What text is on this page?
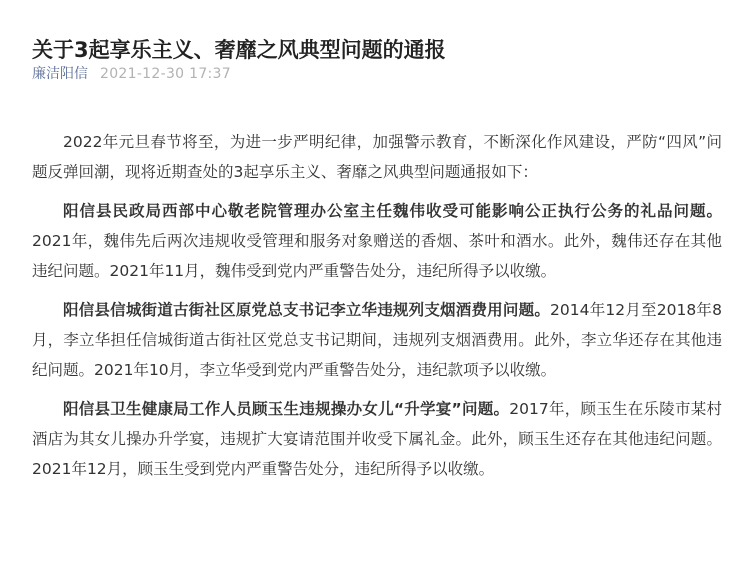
关于3起享乐主义、奢靡之风典型问题的通报
廉洁阳信 2021-12-30 17:37

2022年元旦春节将至，为进一步严明纪律，加强警示教育，不断深化作风建设，严防“四风”问题反弹回潮，现将近期查处的3起享乐主义、奢靡之风典型问题通报如下：

阳信县民政局西部中心敬老院管理办公室主任魏伟收受可能影响公正执行公务的礼品问题。2021年，魏伟先后两次违规收受管理和服务对象赠送的香烟、茶叶和酒水。此外，魏伟还存在其他违纪问题。2021年11月，魏伟受到党内严重警告处分，违纪所得予以收缴。

阳信县信城街道古街社区原党总支书记李立华违规列支烟酒费用问题。2014年12月至2018年8月，李立华担任信城街道古街社区党总支书记期间，违规列支烟酒费用。此外，李立华还存在其他违纪问题。2021年10月，李立华受到党内严重警告处分，违纪款项予以收缴。

阳信县卫生健康局工作人员顾玉生违规操办女儿“升学宴”问题。2017年，顾玉生在乐陵市某村酒店为其女儿操办升学宴，违规扩大宴请范围并收受下属礼金。此外，顾玉生还存在其他违纪问题。2021年12月，顾玉生受到党内严重警告处分，违纪所得予以收缴。
